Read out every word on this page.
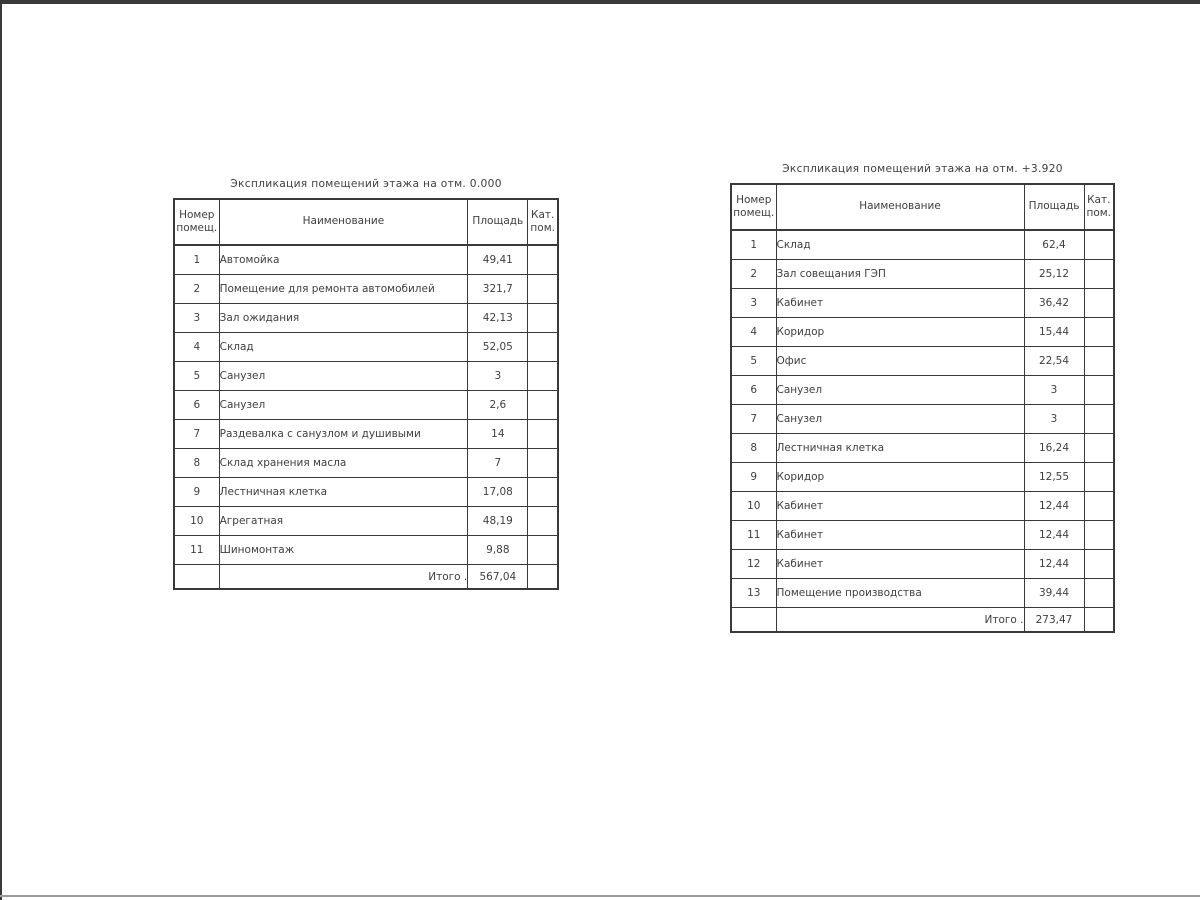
Экспликация помещений этажа на отм. 0.000
Номер
помещ.	Наименование	Площадь	Кат.
пом.
1	Автомойка	49,41	
2	Помещение для ремонта автомобилей	321,7	
3	Зал ожидания	42,13	
4	Склад	52,05	
5	Санузел	3	
6	Санузел	2,6	
7	Раздевалка с санузлом и душивыми	14	
8	Склад хранения масла	7	
9	Лестничная клетка	17,08	
10	Агрегатная	48,19	
11	Шиномонтаж	9,88	
	Итого .	567,04	
Экспликация помещений этажа на отм. +3.920
Номер
помещ.	Наименование	Площадь	Кат.
пом.
1	Склад	62,4	
2	Зал совещания ГЭП	25,12	
3	Кабинет	36,42	
4	Коридор	15,44	
5	Офис	22,54	
6	Санузел	3	
7	Санузел	3	
8	Лестничная клетка	16,24	
9	Коридор	12,55	
10	Кабинет	12,44	
11	Кабинет	12,44	
12	Кабинет	12,44	
13	Помещение производства	39,44	
	Итого .	273,47	
